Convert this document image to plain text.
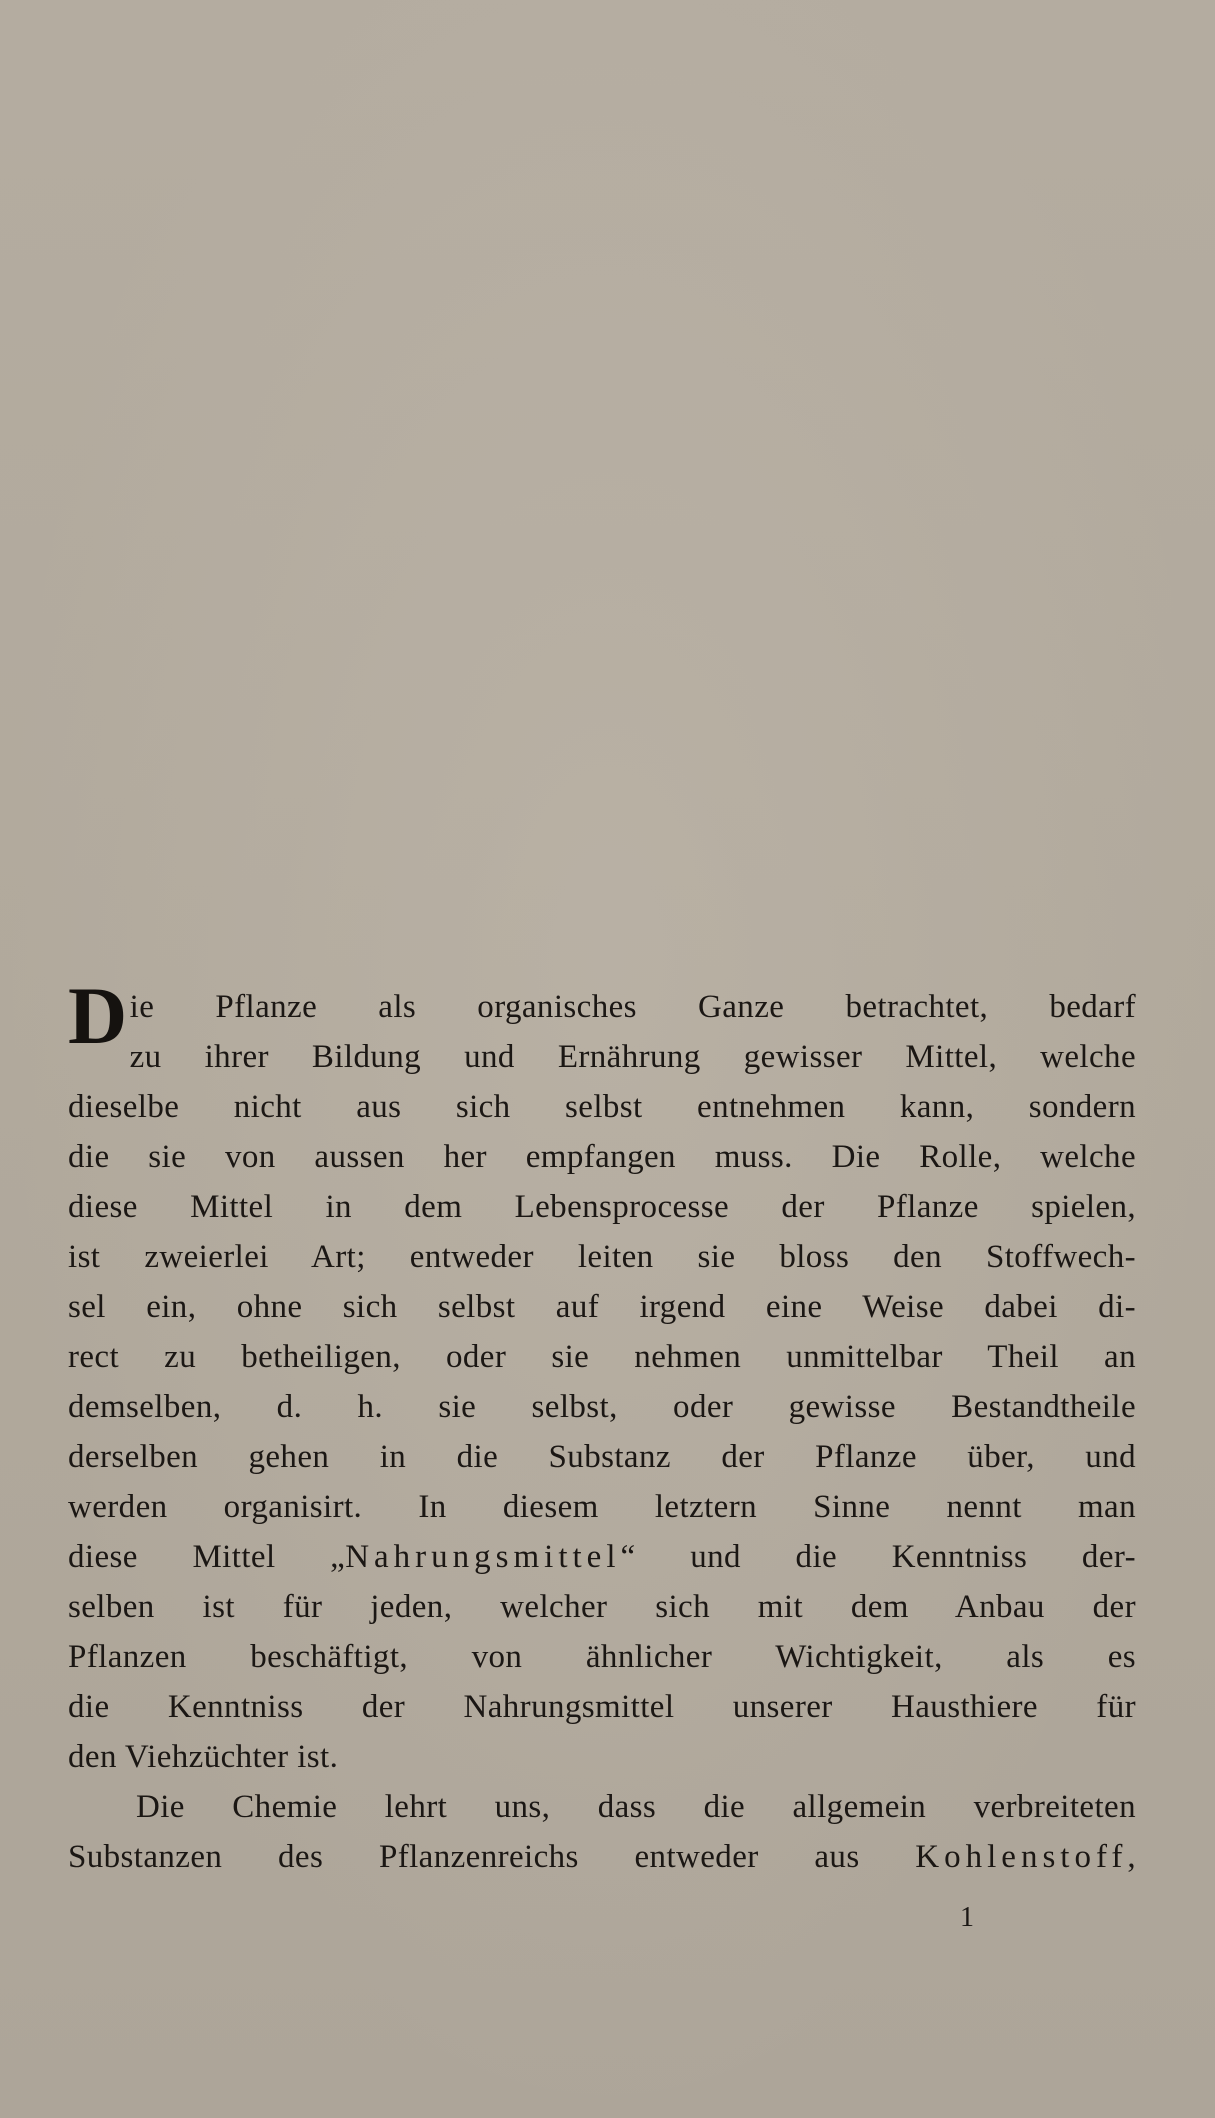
D ie Pflanze als organisches Ganze betrachtet, bedarf
zu ihrer Bildung und Ernährung gewisser Mittel, welche
dieselbe nicht aus sich selbst entnehmen kann, sondern
die sie von aussen her empfangen muss. Die Rolle, welche
diese Mittel in dem Lebensprocesse der Pflanze spielen,
ist zweierlei Art; entweder leiten sie bloss den Stoffwech-
sel ein, ohne sich selbst auf irgend eine Weise dabei di-
rect zu betheiligen, oder sie nehmen unmittelbar Theil an
demselben, d. h. sie selbst, oder gewisse Bestandtheile
derselben gehen in die Substanz der Pflanze über, und
werden organisirt. In diesem letztern Sinne nennt man
diese Mittel „Nahrungsmittel“ und die Kenntniss der-
selben ist für jeden, welcher sich mit dem Anbau der
Pflanzen beschäftigt, von ähnlicher Wichtigkeit, als es
die Kenntniss der Nahrungsmittel unserer Hausthiere für
den Viehzüchter ist.
Die Chemie lehrt uns, dass die allgemein verbreiteten
Substanzen des Pflanzenreichs entweder aus Kohlenstoff,
1
